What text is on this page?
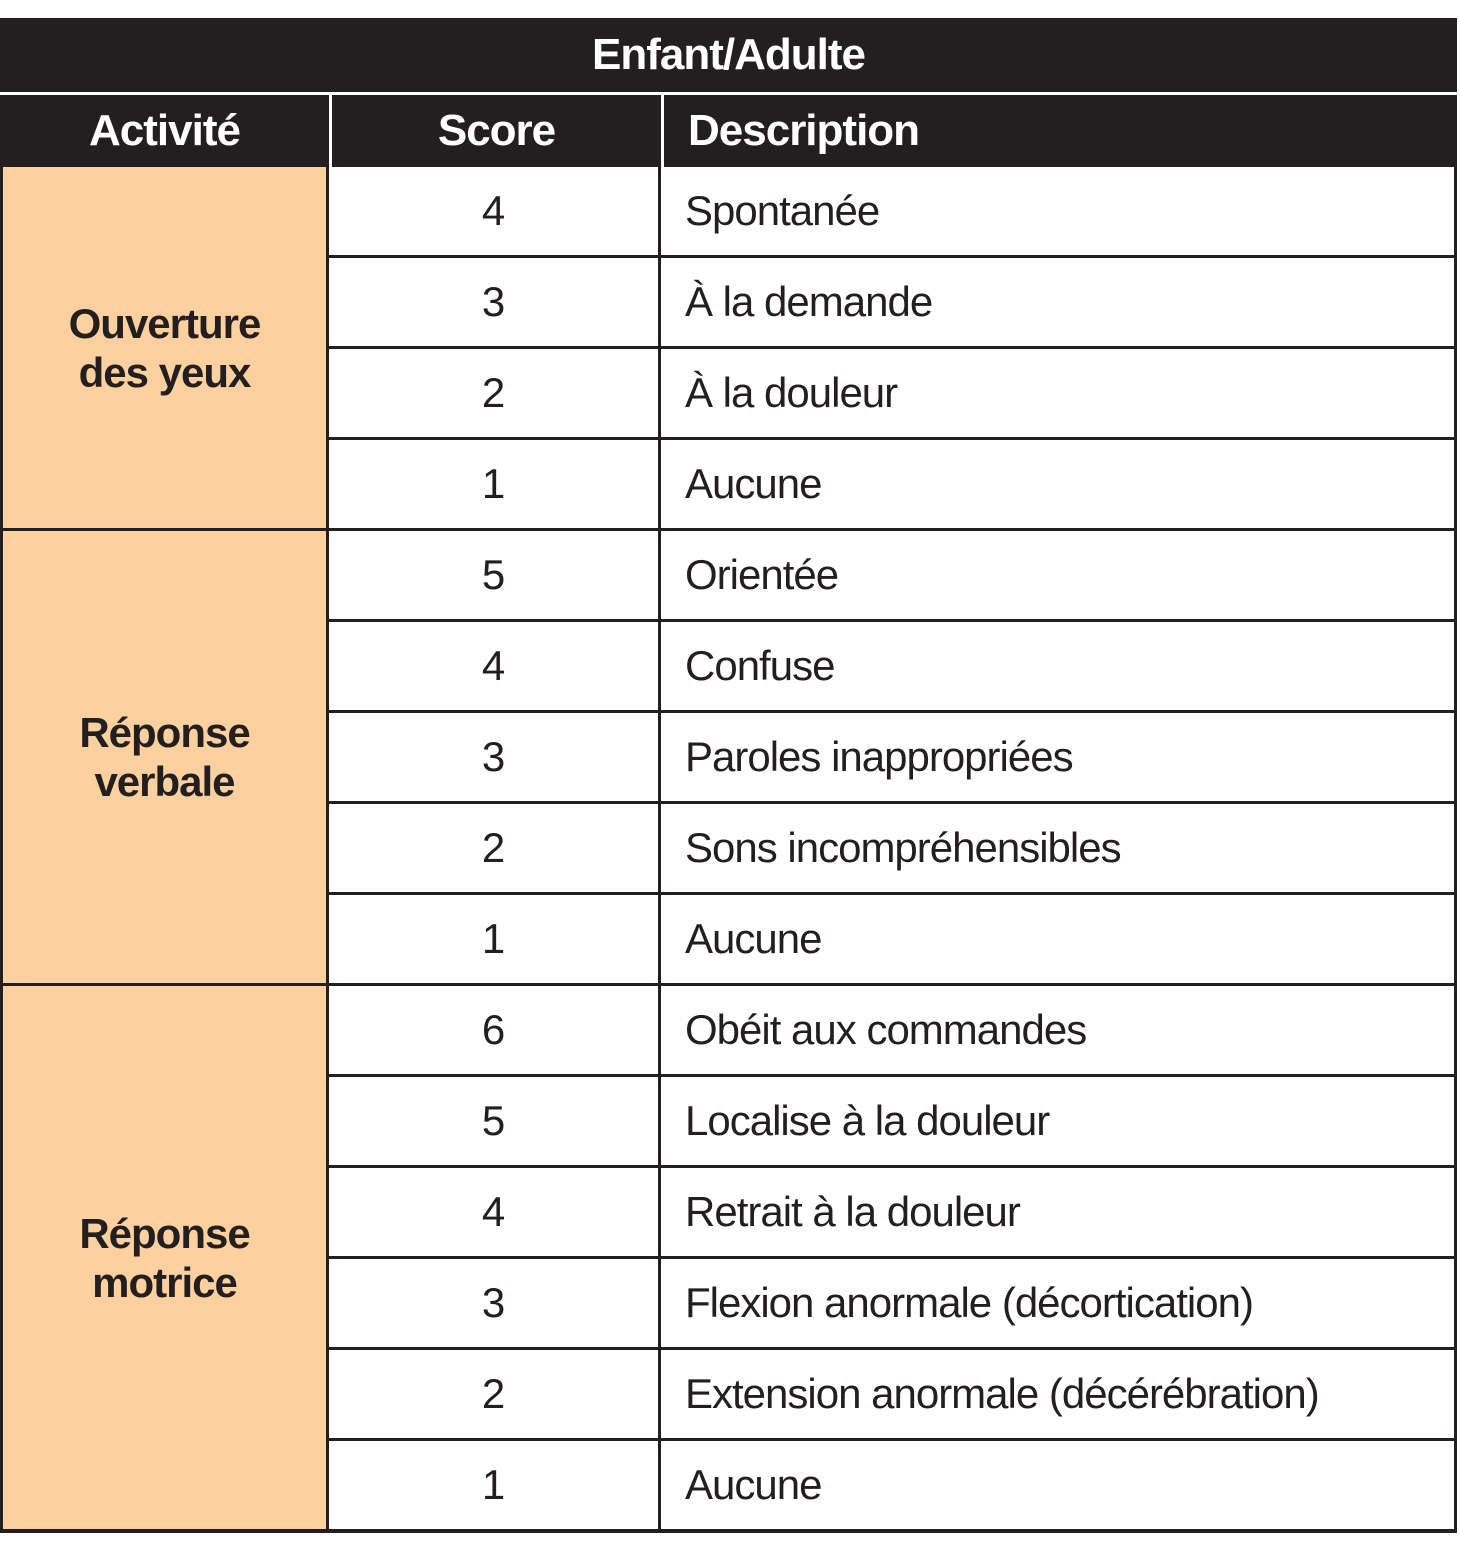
Enfant/Adulte
Activité	Score	Description
Ouverture des yeux
4	Spontanée
3	À la demande
2	À la douleur
1	Aucune
Réponse verbale
5	Orientée
4	Confuse
3	Paroles inappropriées
2	Sons incompréhensibles
1	Aucune
Réponse motrice
6	Obéit aux commandes
5	Localise à la douleur
4	Retrait à la douleur
3	Flexion anormale (décortication)
2	Extension anormale (décérébration)
1	Aucune
